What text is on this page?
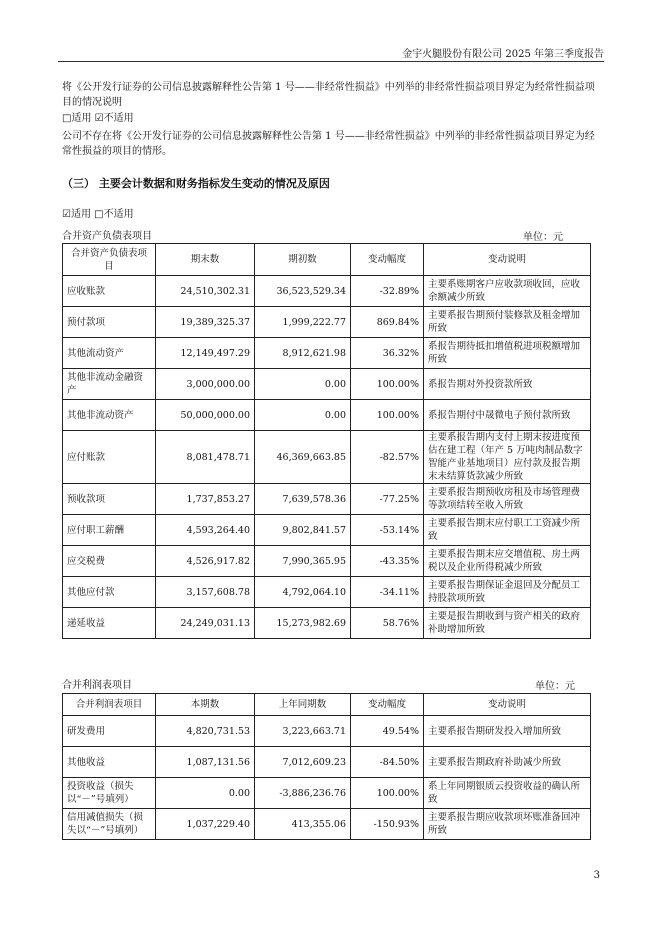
金宇火腿股份有限公司 2025 年第三季度报告
将《公开发行证券的公司信息披露解释性公告第 1 号——非经常性损益》中列举的非经常性损益项目界定为经常性损益项目的情况说明
□适用 ☑不适用
公司不存在将《公开发行证券的公司信息披露解释性公告第 1 号——非经常性损益》中列举的非经常性损益项目界定为经常性损益的项目的情形。
（三） 主要会计数据和财务指标发生变动的情况及原因
☑适用 □不适用
合并资产负债表项目	单位：元
合并资产负债表项目	期末数	期初数	变动幅度	变动说明
应收账款	24,510,302.31	36,523,529.34	-32.89%	主要系账期客户应收款项收回，应收余额减少所致
预付款项	19,389,325.37	1,999,222.77	869.84%	主要系报告期预付装修款及租金增加所致
其他流动资产	12,149,497.29	8,912,621.98	36.32%	系报告期待抵扣增值税进项税额增加所致
其他非流动金融资产	3,000,000.00	0.00	100.00%	系报告期对外投资款所致
其他非流动资产	50,000,000.00	0.00	100.00%	系报告期付中晟微电子预付款所致
应付账款	8,081,478.71	46,369,663.85	-82.57%	主要系报告期内支付上期末按进度预估在建工程（年产 5 万吨肉制品数字智能产业基地项目）应付款及报告期末未结算货款减少所致
预收款项	1,737,853.27	7,639,578.36	-77.25%	主要系报告期预收房租及市场管理费等款项结转至收入所致
应付职工薪酬	4,593,264.40	9,802,841.57	-53.14%	主要系报告期末应付职工工资减少所致
应交税费	4,526,917.82	7,990,365.95	-43.35%	主要系报告期末应交增值税、房土两税以及企业所得税减少所致
其他应付款	3,157,608.78	4,792,064.10	-34.11%	主要系报告期保证金退回及分配员工持股款项所致
递延收益	24,249,031.13	15,273,982.69	58.76%	主要是报告期收到与资产相关的政府补助增加所致
合并利润表项目	单位：元
合并利润表项目	本期数	上年同期数	变动幅度	变动说明
研发费用	4,820,731.53	3,223,663.71	49.54%	主要系报告期研发投入增加所致
其他收益	1,087,131.56	7,012,609.23	-84.50%	主要系报告期政府补助减少所致
投资收益（损失以“－”号填列）	0.00	-3,886,236.76	100.00%	系上年同期银质云投资收益的确认所致
信用减值损失（损失以“－”号填列）	1,037,229.40	413,355.06	-150.93%	主要系报告期应收款项坏账准备回冲所致
3
